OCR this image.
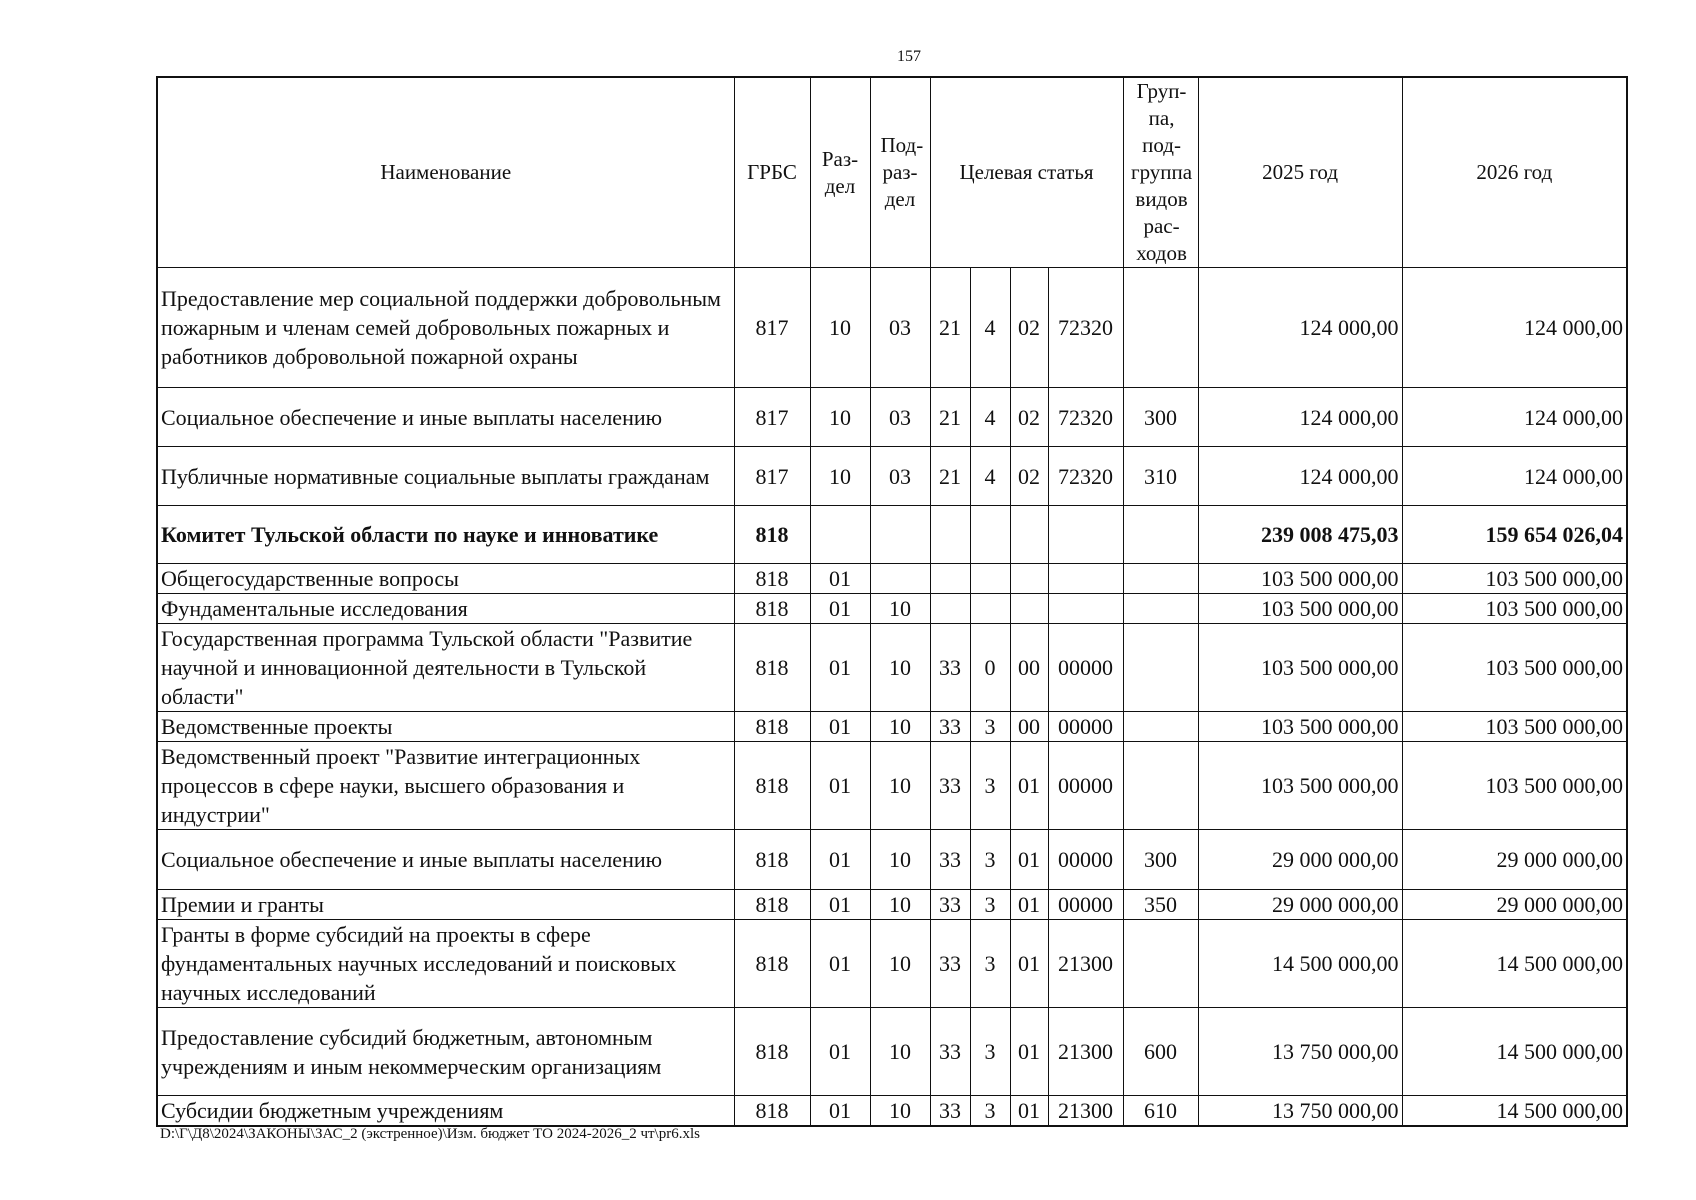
157
Наименование	ГРБС	Раз-дел	Под-раз-дел	Целевая статья				Груп-па, под-группа видов рас-ходов	2025 год	2026 год
Предоставление мер социальной поддержки добровольным пожарным и членам семей добровольных пожарных и работников добровольной пожарной охраны	817	10	03	21	4	02	72320		124 000,00	124 000,00
Социальное обеспечение и иные выплаты населению	817	10	03	21	4	02	72320	300	124 000,00	124 000,00
Публичные нормативные социальные выплаты гражданам	817	10	03	21	4	02	72320	310	124 000,00	124 000,00
Комитет Тульской области по науке и инноватике	818								239 008 475,03	159 654 026,04
Общегосударственные вопросы	818	01							103 500 000,00	103 500 000,00
Фундаментальные исследования	818	01	10						103 500 000,00	103 500 000,00
Государственная программа Тульской области "Развитие научной и инновационной деятельности в Тульской области"	818	01	10	33	0	00	00000		103 500 000,00	103 500 000,00
Ведомственные проекты	818	01	10	33	3	00	00000		103 500 000,00	103 500 000,00
Ведомственный проект "Развитие интеграционных процессов в сфере науки, высшего образования и индустрии"	818	01	10	33	3	01	00000		103 500 000,00	103 500 000,00
Социальное обеспечение и иные выплаты населению	818	01	10	33	3	01	00000	300	29 000 000,00	29 000 000,00
Премии и гранты	818	01	10	33	3	01	00000	350	29 000 000,00	29 000 000,00
Гранты в форме субсидий на проекты в сфере фундаментальных научных исследований и поисковых научных исследований	818	01	10	33	3	01	21300		14 500 000,00	14 500 000,00
Предоставление субсидий бюджетным, автономным учреждениям и иным некоммерческим организациям	818	01	10	33	3	01	21300	600	13 750 000,00	14 500 000,00
Субсидии бюджетным учреждениям	818	01	10	33	3	01	21300	610	13 750 000,00	14 500 000,00
D:\Г\Д8\2024\ЗАКОНЫ\ЗАС_2 (экстренное)\Изм. бюджет ТО 2024-2026_2 чт\pr6.xls
